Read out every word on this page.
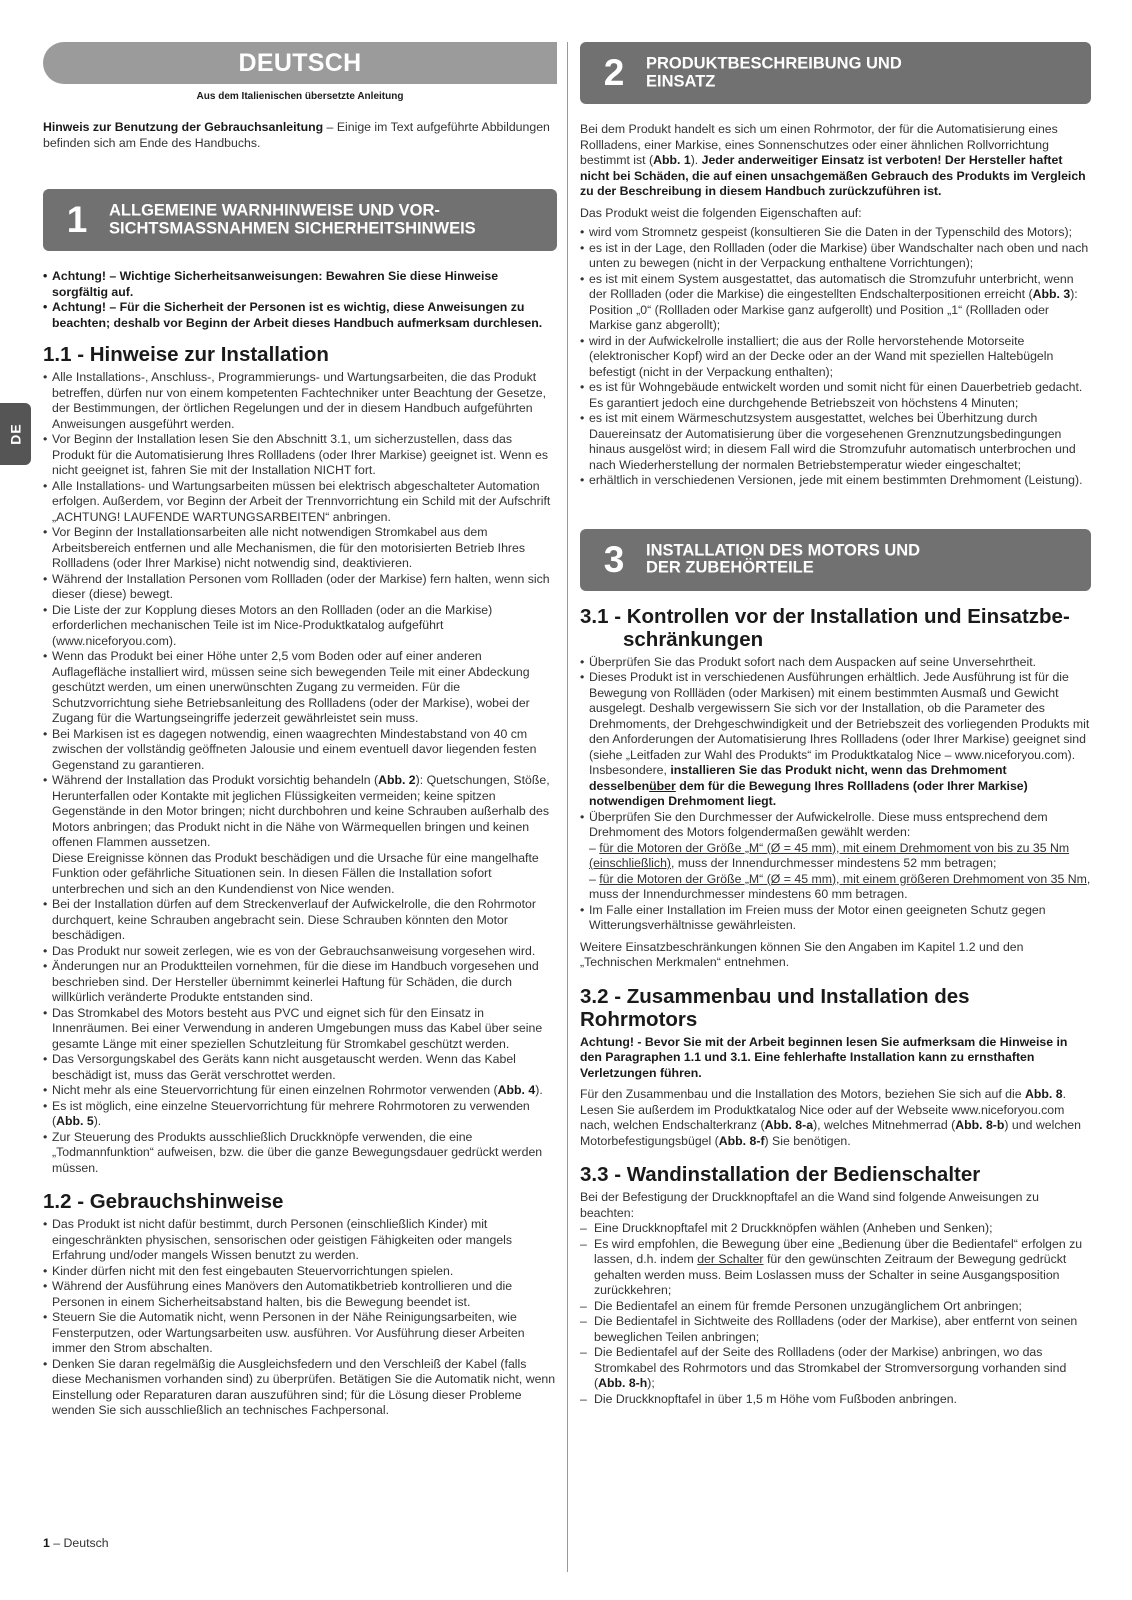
DE
DEUTSCH
Aus dem Italienischen übersetzte Anleitung

Hinweis zur Benutzung der Gebrauchsanleitung – Einige im Text aufgeführte Abbildungen befinden sich am Ende des Handbuchs.

1	ALLGEMEINE WARNHINWEISE UND VOR-
SICHTSMASSNAHMEN SICHERHEITSHINWEIS
• Achtung! – Wichtige Sicherheitsanweisungen: Bewahren Sie diese Hinweise sorgfältig auf.
• Achtung! – Für die Sicherheit der Personen ist es wichtig, diese Anweisungen zu beachten; deshalb vor Beginn der Arbeit dieses Handbuch aufmerksam durchlesen.
1.1 - Hinweise zur Installation
• Alle Installations-, Anschluss-, Programmierungs- und Wartungsarbeiten, die das Produkt betreffen, dürfen nur von einem kompetenten Fachtechniker unter Beachtung der Gesetze, der Bestimmungen, der örtlichen Regelungen und der in diesem Handbuch aufgeführten Anweisungen ausgeführt werden.
• Vor Beginn der Installation lesen Sie den Abschnitt 3.1, um sicherzustellen, dass das Produkt für die Automatisierung Ihres Rollladens (oder Ihrer Markise) geeignet ist. Wenn es nicht geeignet ist, fahren Sie mit der Installation NICHT fort.
• Alle Installations- und Wartungsarbeiten müssen bei elektrisch abgeschalteter Automation erfolgen. Außerdem, vor Beginn der Arbeit der Trennvorrichtung ein Schild mit der Aufschrift „ACHTUNG! LAUFENDE WARTUNGSARBEITEN“ anbringen.
• Vor Beginn der Installationsarbeiten alle nicht notwendigen Stromkabel aus dem Arbeitsbereich entfernen und alle Mechanismen, die für den motorisierten Betrieb Ihres Rollladens (oder Ihrer Markise) nicht notwendig sind, deaktivieren.
• Während der Installation Personen vom Rollladen (oder der Markise) fern halten, wenn sich dieser (diese) bewegt.
• Die Liste der zur Kopplung dieses Motors an den Rollladen (oder an die Markise) erforderlichen mechanischen Teile ist im Nice-Produktkatalog aufgeführt (www.niceforyou.com).
• Wenn das Produkt bei einer Höhe unter 2,5 vom Boden oder auf einer anderen Auflagefläche installiert wird, müssen seine sich bewegenden Teile mit einer Abdeckung geschützt werden, um einen unerwünschten Zugang zu vermeiden. Für die Schutzvorrichtung siehe Betriebsanleitung des Rollladens (oder der Markise), wobei der Zugang für die Wartungseingriffe jederzeit gewährleistet sein muss.
• Bei Markisen ist es dagegen notwendig, einen waagrechten Mindestabstand von 40 cm zwischen der vollständig geöffneten Jalousie und einem eventuell davor liegenden festen Gegenstand zu garantieren.
• Während der Installation das Produkt vorsichtig behandeln (Abb. 2): Quetschungen, Stöße, Herunterfallen oder Kontakte mit jeglichen Flüssigkeiten vermeiden; keine spitzen Gegenstände in den Motor bringen; nicht durchbohren und keine Schrauben außerhalb des Motors anbringen; das Produkt nicht in die Nähe von Wärmequellen bringen und keinen offenen Flammen aussetzen.
Diese Ereignisse können das Produkt beschädigen und die Ursache für eine mangelhafte Funktion oder gefährliche Situationen sein. In diesen Fällen die Installation sofort unterbrechen und sich an den Kundendienst von Nice wenden.
• Bei der Installation dürfen auf dem Streckenverlauf der Aufwickelrolle, die den Rohrmotor durchquert, keine Schrauben angebracht sein. Diese Schrauben könnten den Motor beschädigen.
• Das Produkt nur soweit zerlegen, wie es von der Gebrauchsanweisung vorgesehen wird.
• Änderungen nur an Produktteilen vornehmen, für die diese im Handbuch vorgesehen und beschrieben sind. Der Hersteller übernimmt keinerlei Haftung für Schäden, die durch willkürlich veränderte Produkte entstanden sind.
• Das Stromkabel des Motors besteht aus PVC und eignet sich für den Einsatz in Innenräumen. Bei einer Verwendung in anderen Umgebungen muss das Kabel über seine gesamte Länge mit einer speziellen Schutzleitung für Stromkabel geschützt werden.
• Das Versorgungskabel des Geräts kann nicht ausgetauscht werden. Wenn das Kabel beschädigt ist, muss das Gerät verschrottet werden.
• Nicht mehr als eine Steuervorrichtung für einen einzelnen Rohrmotor verwenden (Abb. 4).
• Es ist möglich, eine einzelne Steuervorrichtung für mehrere Rohrmotoren zu verwenden (Abb. 5).
• Zur Steuerung des Produkts ausschließlich Druckknöpfe verwenden, die eine „Todmannfunktion“ aufweisen, bzw. die über die ganze Bewegungsdauer gedrückt werden müssen.
1.2 - Gebrauchshinweise
• Das Produkt ist nicht dafür bestimmt, durch Personen (einschließlich Kinder) mit eingeschränkten physischen, sensorischen oder geistigen Fähigkeiten oder mangels Erfahrung und/oder mangels Wissen benutzt zu werden.
• Kinder dürfen nicht mit den fest eingebauten Steuervorrichtungen spielen.
• Während der Ausführung eines Manövers den Automatikbetrieb kontrollieren und die Personen in einem Sicherheitsabstand halten, bis die Bewegung beendet ist.
• Steuern Sie die Automatik nicht, wenn Personen in der Nähe Reinigungsarbeiten, wie Fensterputzen, oder Wartungsarbeiten usw. ausführen. Vor Ausführung dieser Arbeiten immer den Strom abschalten.
• Denken Sie daran regelmäßig die Ausgleichsfedern und den Verschleiß der Kabel (falls diese Mechanismen vorhanden sind) zu überprüfen. Betätigen Sie die Automatik nicht, wenn Einstellung oder Reparaturen daran auszuführen sind; für die Lösung dieser Probleme wenden Sie sich ausschließlich an technisches Fachpersonal.
2	PRODUKTBESCHREIBUNG UND
EINSATZ

Bei dem Produkt handelt es sich um einen Rohrmotor, der für die Automatisierung eines Rollladens, einer Markise, eines Sonnenschutzes oder einer ähnlichen Rollvorrichtung bestimmt ist (Abb. 1). Jeder anderweitiger Einsatz ist verboten! Der Hersteller haftet nicht bei Schäden, die auf einen unsachgemäßen Gebrauch des Produkts im Vergleich zu der Beschreibung in diesem Handbuch zurückzuführen ist.

Das Produkt weist die folgenden Eigenschaften auf:

• wird vom Stromnetz gespeist (konsultieren Sie die Daten in der Typenschild des Motors);
• es ist in der Lage, den Rollladen (oder die Markise) über Wandschalter nach oben und nach unten zu bewegen (nicht in der Verpackung enthaltene Vorrichtungen);
• es ist mit einem System ausgestattet, das automatisch die Stromzufuhr unterbricht, wenn der Rollladen (oder die Markise) die eingestellten Endschalterpositionen erreicht (Abb. 3): Position „0“ (Rollladen oder Markise ganz aufgerollt) und Position „1“ (Rollladen oder Markise ganz abgerollt);
• wird in der Aufwickelrolle installiert; die aus der Rolle hervorstehende Motorseite (elektronischer Kopf) wird an der Decke oder an der Wand mit speziellen Haltebügeln befestigt (nicht in der Verpackung enthalten);
• es ist für Wohngebäude entwickelt worden und somit nicht für einen Dauerbetrieb gedacht. Es garantiert jedoch eine durchgehende Betriebszeit von höchstens 4 Minuten;
• es ist mit einem Wärmeschutzsystem ausgestattet, welches bei Überhitzung durch Dauereinsatz der Automatisierung über die vorgesehenen Grenznutzungsbedingungen hinaus ausgelöst wird; in diesem Fall wird die Stromzufuhr automatisch unterbrochen und nach Wiederherstellung der normalen Betriebstemperatur wieder eingeschaltet;
• erhältlich in verschiedenen Versionen, jede mit einem bestimmten Drehmoment (Leistung).
3	INSTALLATION DES MOTORS UND
DER ZUBEHÖRTEILE
3.1 - Kontrollen vor der Installation und Einsatzbe-
schränkungen
• Überprüfen Sie das Produkt sofort nach dem Auspacken auf seine Unversehrtheit.
• Dieses Produkt ist in verschiedenen Ausführungen erhältlich. Jede Ausführung ist für die Bewegung von Rollläden (oder Markisen) mit einem bestimmten Ausmaß und Gewicht ausgelegt. Deshalb vergewissern Sie sich vor der Installation, ob die Parameter des Drehmoments, der Drehgeschwindigkeit und der Betriebszeit des vorliegenden Produkts mit den Anforderungen der Automatisierung Ihres Rollladens (oder Ihrer Markise) geeignet sind (siehe „Leitfaden zur Wahl des Produkts“ im Produktkatalog Nice – www.niceforyou.com). Insbesondere, installieren Sie das Produkt nicht, wenn das Drehmoment desselbenüber dem für die Bewegung Ihres Rollladens (oder Ihrer Markise) notwendigen Drehmoment liegt.
• Überprüfen Sie den Durchmesser der Aufwickelrolle. Diese muss entsprechend dem Drehmoment des Motors folgendermaßen gewählt werden:
– für die Motoren der Größe „M“ (Ø = 45 mm), mit einem Drehmoment von bis zu 35 Nm (einschließlich), muss der Innendurchmesser mindestens 52 mm betragen;
– für die Motoren der Größe „M“ (Ø = 45 mm), mit einem größeren Drehmoment von 35 Nm, muss der Innendurchmesser mindestens 60 mm betragen.
• Im Falle einer Installation im Freien muss der Motor einen geeigneten Schutz gegen Witterungsverhältnisse gewährleisten.

Weitere Einsatzbeschränkungen können Sie den Angaben im Kapitel 1.2 und den „Technischen Merkmalen“ entnehmen.

3.2 - Zusammenbau und Installation des Rohrmotors

Achtung! - Bevor Sie mit der Arbeit beginnen lesen Sie aufmerksam die Hinweise in den Paragraphen 1.1 und 3.1. Eine fehlerhafte Installation kann zu ernsthaften Verletzungen führen.

Für den Zusammenbau und die Installation des Motors, beziehen Sie sich auf die Abb. 8. Lesen Sie außerdem im Produktkatalog Nice oder auf der Webseite www.niceforyou.com nach, welchen Endschalterkranz (Abb. 8-a), welches Mitnehmerrad (Abb. 8-b) und welchen Motorbefestigungsbügel (Abb. 8-f) Sie benötigen.

3.3 - Wandinstallation der Bedienschalter

Bei der Befestigung der Druckknopftafel an die Wand sind folgende Anweisungen zu beachten:

– Eine Druckknopftafel mit 2 Druckknöpfen wählen (Anheben und Senken);
– Es wird empfohlen, die Bewegung über eine „Bedienung über die Bedientafel“ erfolgen zu lassen, d.h. indem der Schalter für den gewünschten Zeitraum der Bewegung gedrückt gehalten werden muss. Beim Loslassen muss der Schalter in seine Ausgangsposition zurückkehren;
– Die Bedientafel an einem für fremde Personen unzugänglichem Ort anbringen;
– Die Bedientafel in Sichtweite des Rollladens (oder der Markise), aber entfernt von seinen beweglichen Teilen anbringen;
– Die Bedientafel auf der Seite des Rollladens (oder der Markise) anbringen, wo das Stromkabel des Rohrmotors und das Stromkabel der Stromversorgung vorhanden sind (Abb. 8-h);
– Die Druckknopftafel in über 1,5 m Höhe vom Fußboden anbringen.
1 – Deutsch
